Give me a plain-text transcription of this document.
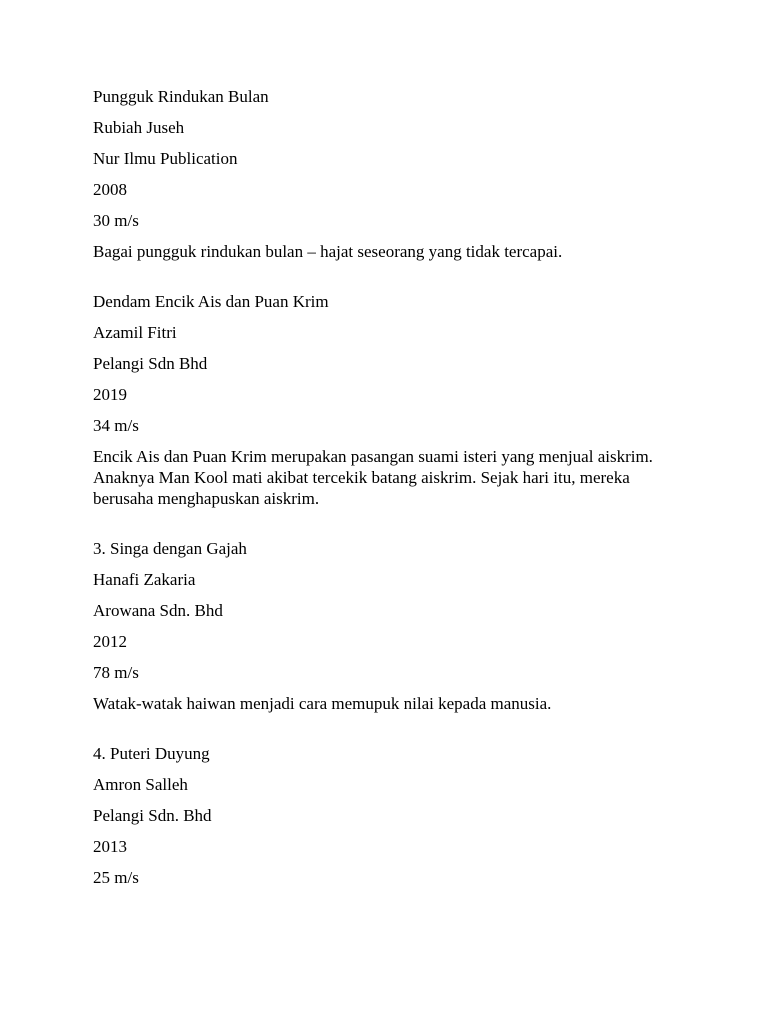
Pungguk Rindukan Bulan
Rubiah Juseh
Nur Ilmu Publication
2008
30 m/s
Bagai pungguk rindukan bulan – hajat seseorang yang tidak tercapai.
Dendam Encik Ais dan Puan Krim
Azamil Fitri
Pelangi Sdn Bhd
2019
34 m/s
Encik Ais dan Puan Krim merupakan pasangan suami isteri yang menjual aiskrim. Anaknya Man Kool mati akibat tercekik batang aiskrim. Sejak hari itu, mereka berusaha menghapuskan aiskrim.
3. Singa dengan Gajah
Hanafi Zakaria
Arowana Sdn. Bhd
2012
78 m/s
Watak-watak haiwan menjadi cara memupuk nilai kepada manusia.
4. Puteri Duyung
Amron Salleh
Pelangi Sdn. Bhd
2013
25 m/s
